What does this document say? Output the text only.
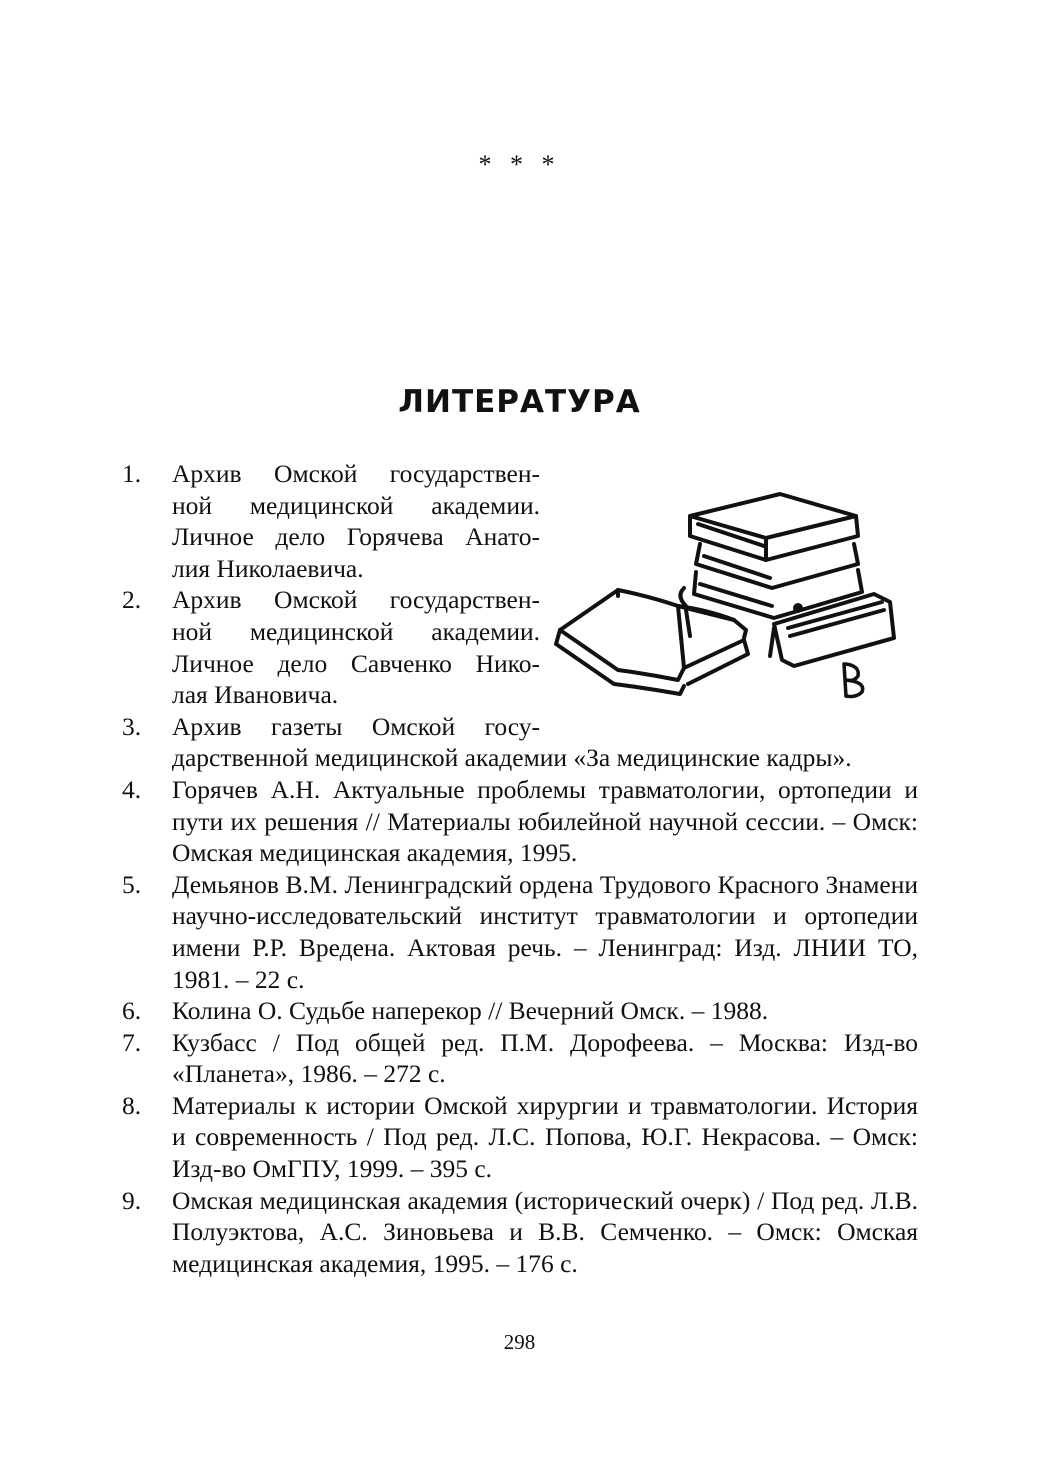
* * *
ЛИТЕРАТУРА
1. Архив Омской государствен-
ной медицинской академии.
Личное дело Горячева Анато-
лия Николаевича.
2. Архив Омской государствен-
ной медицинской академии.
Личное дело Савченко Нико-
лая Ивановича.
3. Архив газеты Омской госу-
дарственной медицинской академии «За медицинские кадры».
4. Горячев А.Н. Актуальные проблемы травматологии, ортопедии и пути их решения // Материалы юбилейной научной сессии. – Омск: Омская медицинская академия, 1995.
5. Демьянов В.М. Ленинградский ордена Трудового Красного Знамени научно-исследовательский институт травматологии и ортопедии имени Р.Р. Вредена. Актовая речь. – Ленинград: Изд. ЛНИИ ТО, 1981. – 22 с.
6. Колина О. Судьбе наперекор // Вечерний Омск. – 1988.
7. Кузбасс / Под общей ред. П.М. Дорофеева. – Москва: Изд-во «Планета», 1986. – 272 с.
8. Материалы к истории Омской хирургии и травматологии. История и современность / Под ред. Л.С. Попова, Ю.Г. Некрасова. – Омск: Изд-во ОмГПУ, 1999. – 395 с.
9. Омская медицинская академия (исторический очерк) / Под ред. Л.В. Полуэктова, А.С. Зиновьева и В.В. Семченко. – Омск: Омская медицинская академия, 1995. – 176 с.
298
